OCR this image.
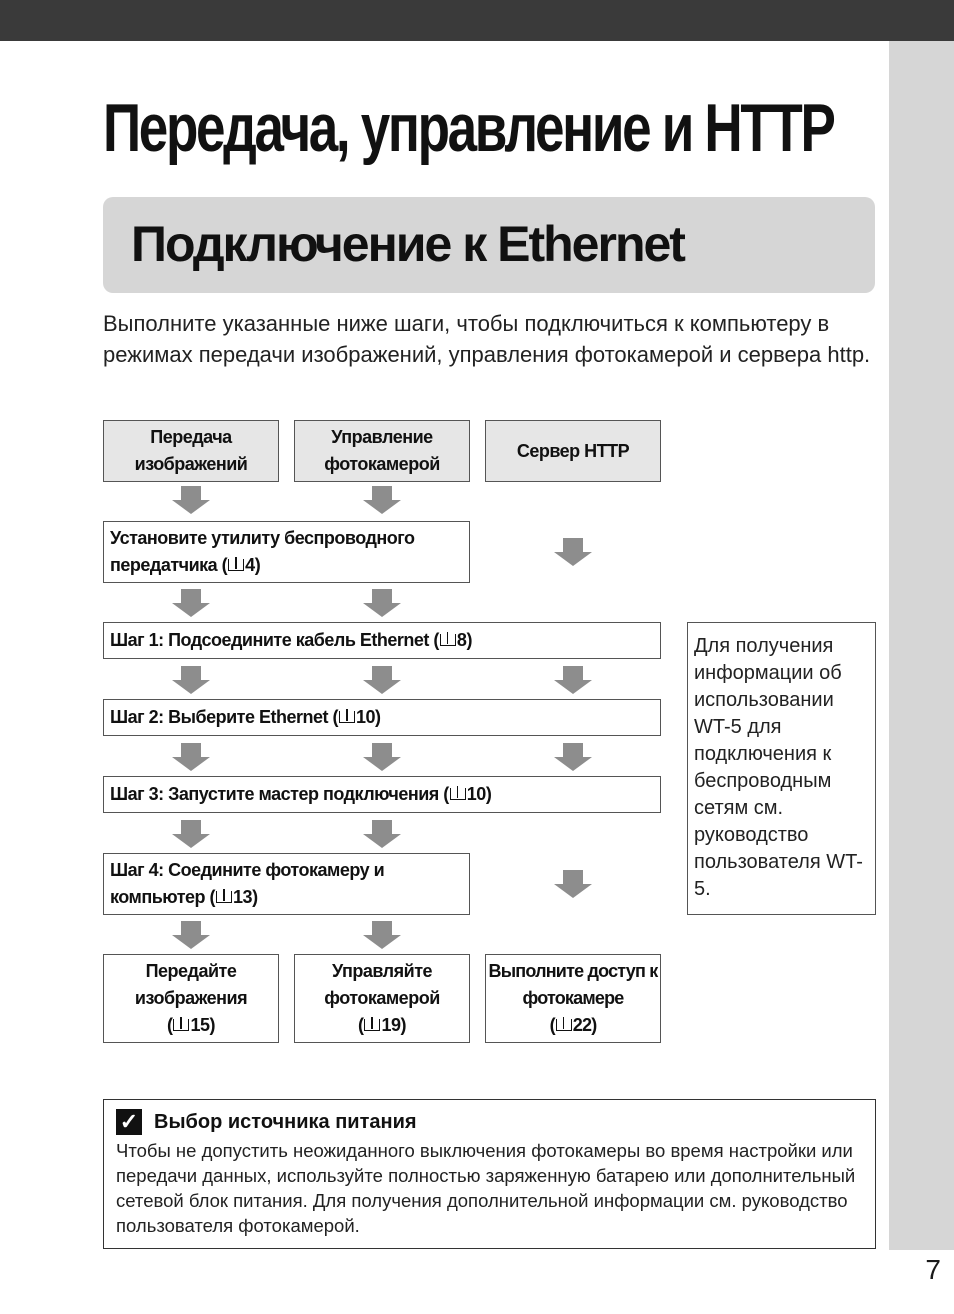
7
Передача, управление и HTTP
Подключение к Ethernet
Выполните указанные ниже шаги, чтобы подключиться к компьютеру в режимах передачи изображений, управления фотокамерой и сервера http.
Передача
изображений
Управление
фотокамерой
Сервер HTTP
Установите утилиту беспроводного
передатчика ( 4)
Шаг 1: Подсоедините кабель Ethernet ( 8)
Шаг 2: Выберите Ethernet ( 10)
Шаг 3: Запустите мастер подключения ( 10)
Шаг 4: Соедините фотокамеру и
компьютер ( 13)
Передайте
изображения
( 15)
Управляйте
фотокамерой
( 19)
Выполните доступ к
фотокамере
( 22)
Для получения информации об использовании WT-5 для подключения к беспроводным сетям см. руководство пользователя WT-5.
✓ Выбор источника питания
Чтобы не допустить неожиданного выключения фотокамеры во время настройки или передачи данных, используйте полностью заряженную батарею или дополнительный сетевой блок питания. Для получения дополнительной информации см. руководство пользователя фотокамерой.
